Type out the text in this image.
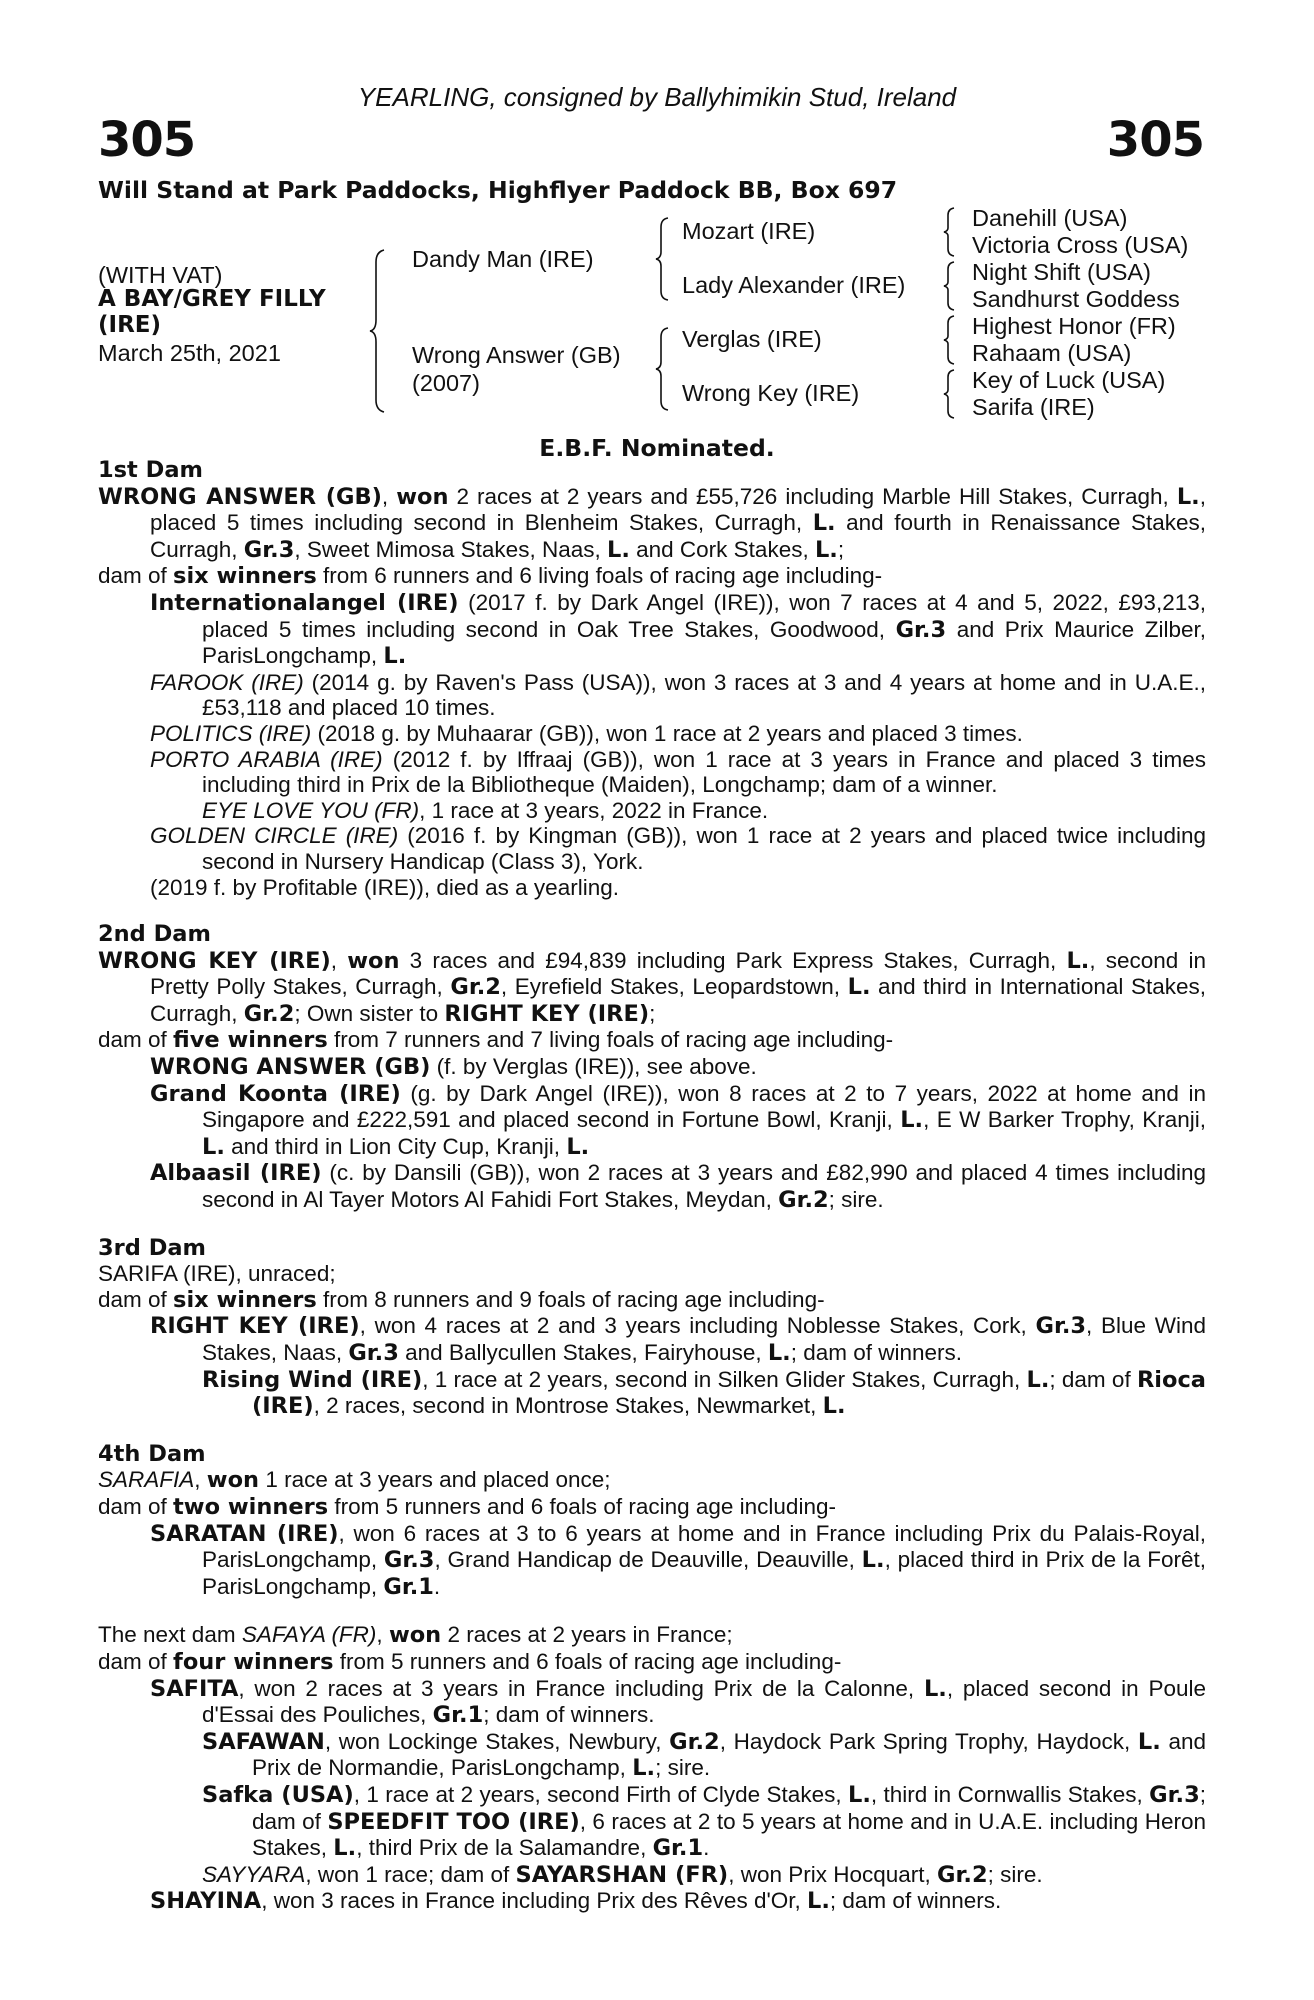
YEARLING, consigned by Ballyhimikin Stud, Ireland
305	305
Will Stand at Park Paddocks, Highflyer Paddock BB, Box 697
(WITH VAT)
A BAY/GREY FILLY
(IRE)
March 25th, 2021
Dandy Man (IRE)
Wrong Answer (GB)
(2007)
Mozart (IRE)
Lady Alexander (IRE)
Verglas (IRE)
Wrong Key (IRE)
Danehill (USA)
Victoria Cross (USA)
Night Shift (USA)
Sandhurst Goddess
Highest Honor (FR)
Rahaam (USA)
Key of Luck (USA)
Sarifa (IRE)
E.B.F. Nominated.

1st Dam

WRONG ANSWER (GB), won 2 races at 2 years and £55,726 including Marble Hill Stakes, Curragh, L., placed 5 times including second in Blenheim Stakes, Curragh, L. and fourth in Renaissance Stakes, Curragh, Gr.3, Sweet Mimosa Stakes, Naas, L. and Cork Stakes, L.;

dam of six winners from 6 runners and 6 living foals of racing age including-

Internationalangel (IRE) (2017 f. by Dark Angel (IRE)), won 7 races at 4 and 5, 2022, £93,213, placed 5 times including second in Oak Tree Stakes, Goodwood, Gr.3 and Prix Maurice Zilber, ParisLongchamp, L.

FAROOK (IRE) (2014 g. by Raven's Pass (USA)), won 3 races at 3 and 4 years at home and in U.A.E., £53,118 and placed 10 times.

POLITICS (IRE) (2018 g. by Muhaarar (GB)), won 1 race at 2 years and placed 3 times.

PORTO ARABIA (IRE) (2012 f. by Iffraaj (GB)), won 1 race at 3 years in France and placed 3 times including third in Prix de la Bibliotheque (Maiden), Longchamp; dam of a winner.

EYE LOVE YOU (FR), 1 race at 3 years, 2022 in France.

GOLDEN CIRCLE (IRE) (2016 f. by Kingman (GB)), won 1 race at 2 years and placed twice including second in Nursery Handicap (Class 3), York.

(2019 f. by Profitable (IRE)), died as a yearling.

2nd Dam

WRONG KEY (IRE), won 3 races and £94,839 including Park Express Stakes, Curragh, L., second in Pretty Polly Stakes, Curragh, Gr.2, Eyrefield Stakes, Leopardstown, L. and third in International Stakes, Curragh, Gr.2; Own sister to RIGHT KEY (IRE);

dam of five winners from 7 runners and 7 living foals of racing age including-

WRONG ANSWER (GB) (f. by Verglas (IRE)), see above.

Grand Koonta (IRE) (g. by Dark Angel (IRE)), won 8 races at 2 to 7 years, 2022 at home and in Singapore and £222,591 and placed second in Fortune Bowl, Kranji, L., E W Barker Trophy, Kranji, L. and third in Lion City Cup, Kranji, L.

Albaasil (IRE) (c. by Dansili (GB)), won 2 races at 3 years and £82,990 and placed 4 times including second in Al Tayer Motors Al Fahidi Fort Stakes, Meydan, Gr.2; sire.

3rd Dam

SARIFA (IRE), unraced;

dam of six winners from 8 runners and 9 foals of racing age including-

RIGHT KEY (IRE), won 4 races at 2 and 3 years including Noblesse Stakes, Cork, Gr.3, Blue Wind Stakes, Naas, Gr.3 and Ballycullen Stakes, Fairyhouse, L.; dam of winners.

Rising Wind (IRE), 1 race at 2 years, second in Silken Glider Stakes, Curragh, L.; dam of Rioca (IRE), 2 races, second in Montrose Stakes, Newmarket, L.

4th Dam

SARAFIA, won 1 race at 3 years and placed once;

dam of two winners from 5 runners and 6 foals of racing age including-

SARATAN (IRE), won 6 races at 3 to 6 years at home and in France including Prix du Palais-Royal, ParisLongchamp, Gr.3, Grand Handicap de Deauville, Deauville, L., placed third in Prix de la Forêt, ParisLongchamp, Gr.1.

The next dam SAFAYA (FR), won 2 races at 2 years in France;

dam of four winners from 5 runners and 6 foals of racing age including-

SAFITA, won 2 races at 3 years in France including Prix de la Calonne, L., placed second in Poule d'Essai des Pouliches, Gr.1; dam of winners.

SAFAWAN, won Lockinge Stakes, Newbury, Gr.2, Haydock Park Spring Trophy, Haydock, L. and Prix de Normandie, ParisLongchamp, L.; sire.

Safka (USA), 1 race at 2 years, second Firth of Clyde Stakes, L., third in Cornwallis Stakes, Gr.3; dam of SPEEDFIT TOO (IRE), 6 races at 2 to 5 years at home and in U.A.E. including Heron Stakes, L., third Prix de la Salamandre, Gr.1.

SAYYARA, won 1 race; dam of SAYARSHAN (FR), won Prix Hocquart, Gr.2; sire.

SHAYINA, won 3 races in France including Prix des Rêves d'Or, L.; dam of winners.
